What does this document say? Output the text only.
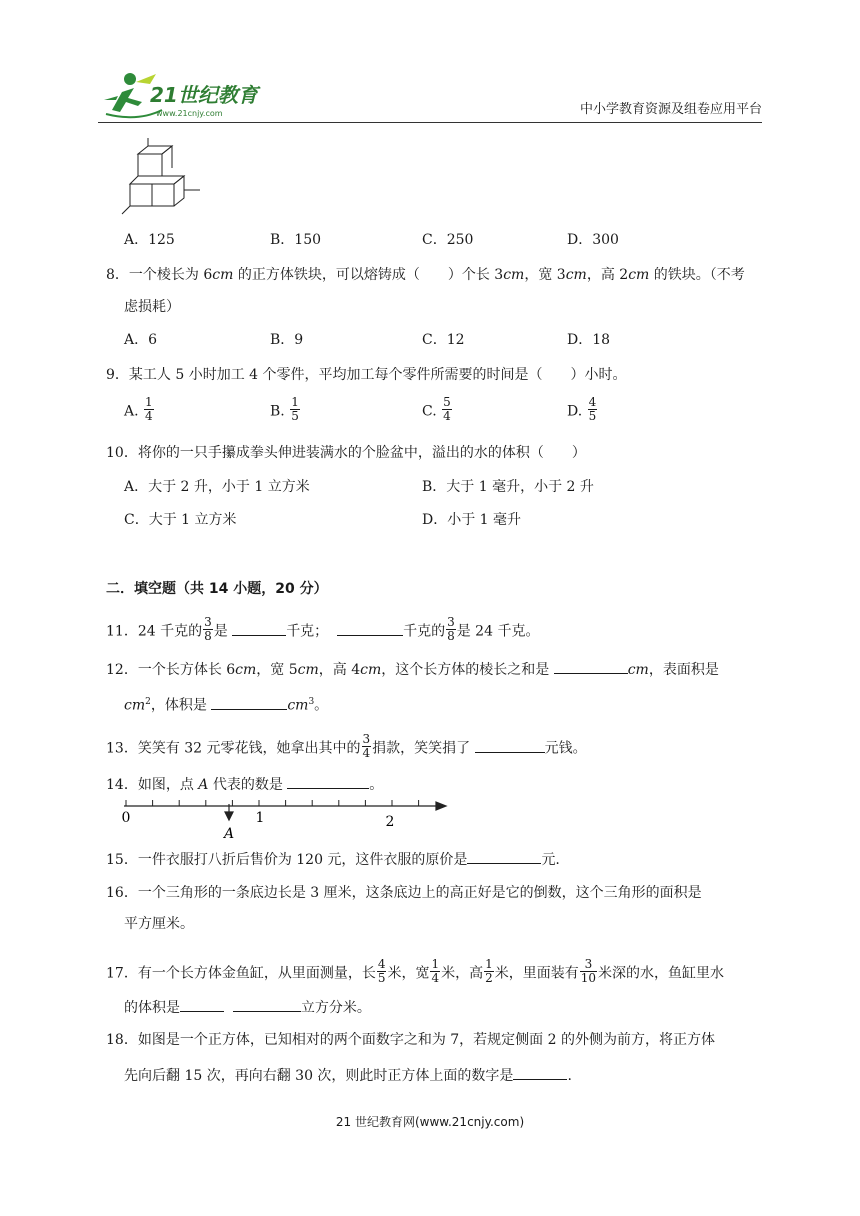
21世纪教育
www.21cnjy.com	中小学教育资源及组卷应用平台
A．125	B．150	C．250	D．300
8．一个棱长为 6cm 的正方体铁块，可以熔铸成（　　）个长 3cm，宽 3cm，高 2cm 的铁块。（不考
虑损耗）
A．6	B．9	C．12	D．18
9．某工人 5 小时加工 4 个零件，平均加工每个零件所需要的时间是（　　）小时。
A. $\frac{1}{4}$	B. $\frac{1}{5}$	C. $\frac{5}{4}$	D. $\frac{4}{5}$
10．将你的一只手攥成拳头伸进装满水的个脸盆中，溢出的水的体积（　　）
A．大于 2 升，小于 1 立方米	B．大于 1 毫升，小于 2 升
C．大于 1 立方米	D．小于 1 毫升
二．填空题（共 14 小题，20 分）
11．24 千克的 $\frac{3}{8}$ 是	千克；	千克的 $\frac{3}{8}$ 是 24 千克。
12．一个长方体长 6cm，宽 5cm，高 4cm，这个长方体的棱长之和是	cm，表面积是
$cm^2$，体积是	$cm^3$。
13．笑笑有 32 元零花钱，她拿出其中的 $\frac{3}{4}$ 捐款，笑笑捐了	元钱。
14．如图，点 A 代表的数是	。
0	1	2
A
15．一件衣服打八折后售价为 120 元，这件衣服的原价是	元.
16．一个三角形的一条底边长是 3 厘米，这条底边上的高正好是它的倒数，这个三角形的面积是
平方厘米。
17．有一个长方体金鱼缸，从里面测量，长 $\frac{4}{5}$ 米，宽 $\frac{1}{4}$ 米，高 $\frac{1}{2}$ 米，里面装有 $\frac{3}{10}$ 米深的水，鱼缸里水
的体积是	立方分米。
18．如图是一个正方体，已知相对的两个面数字之和为 7，若规定侧面 2 的外侧为前方，将正方体
先向后翻 15 次，再向右翻 30 次，则此时正方体上面的数字是	.
21 世纪教育网(www.21cnjy.com)
